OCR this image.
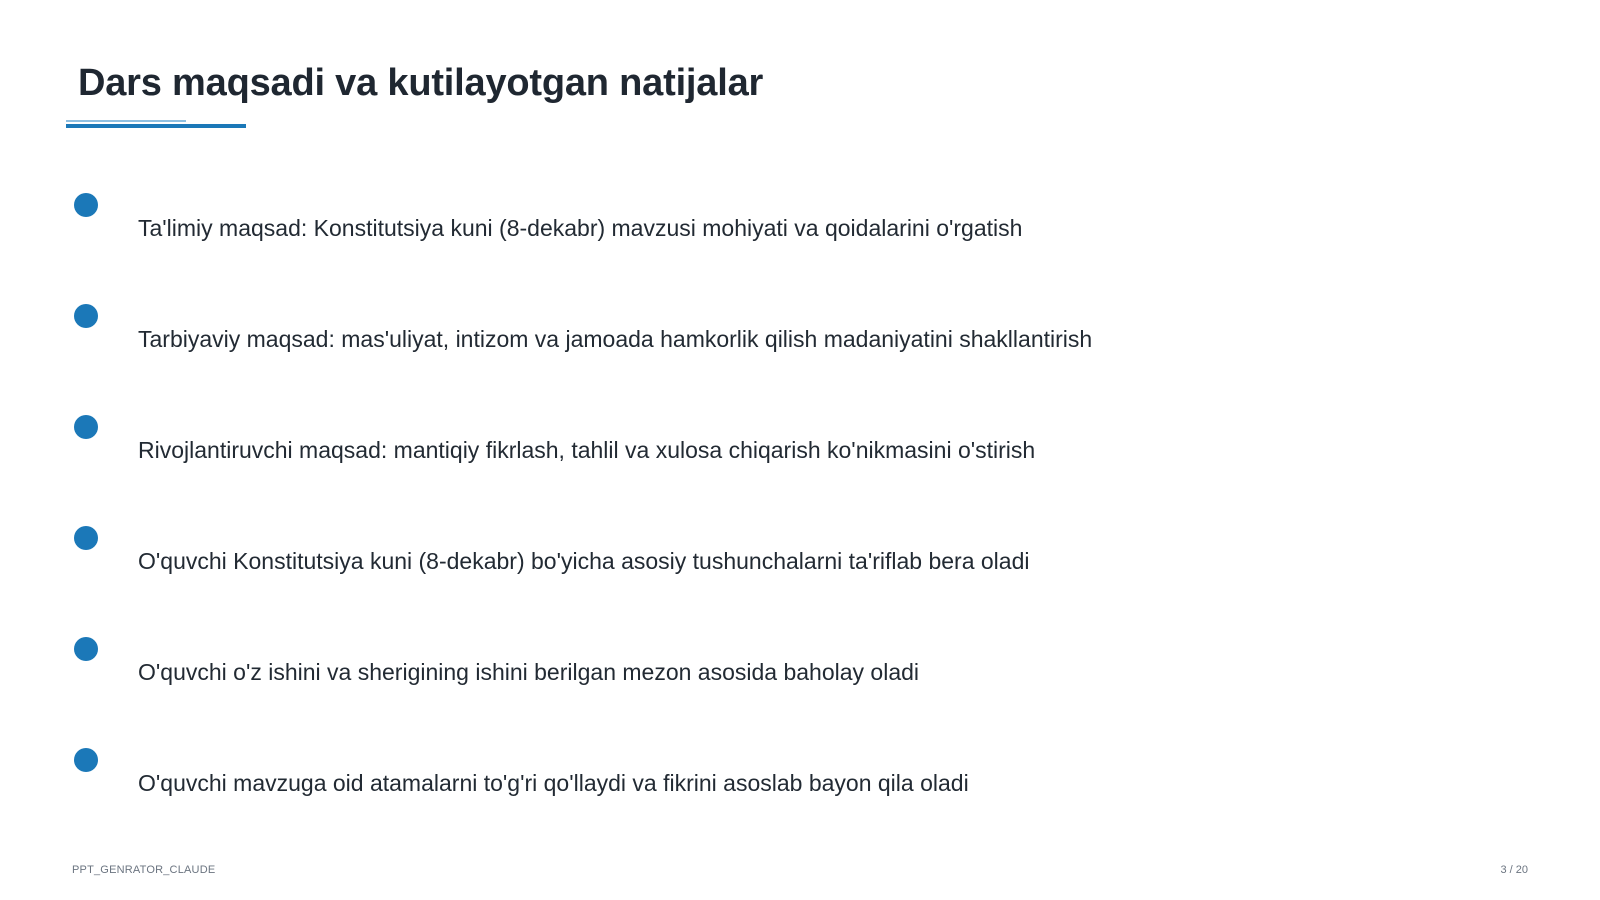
Dars maqsadi va kutilayotgan natijalar
Ta'limiy maqsad: Konstitutsiya kuni (8-dekabr) mavzusi mohiyati va qoidalarini o'rgatish
Tarbiyaviy maqsad: mas'uliyat, intizom va jamoada hamkorlik qilish madaniyatini shakllantirish
Rivojlantiruvchi maqsad: mantiqiy fikrlash, tahlil va xulosa chiqarish ko'nikmasini o'stirish
O'quvchi Konstitutsiya kuni (8-dekabr) bo'yicha asosiy tushunchalarni ta'riflab bera oladi
O'quvchi o'z ishini va sherigining ishini berilgan mezon asosida baholay oladi
O'quvchi mavzuga oid atamalarni to'g'ri qo'llaydi va fikrini asoslab bayon qila oladi
PPT_GENRATOR_CLAUDE	3 / 20
